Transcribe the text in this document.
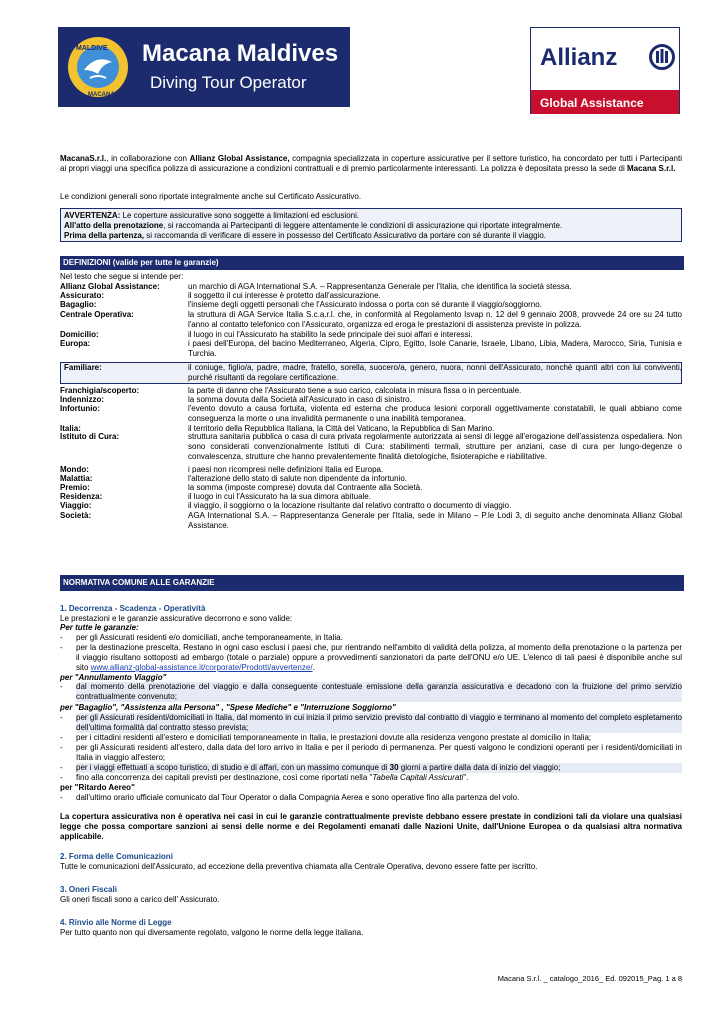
MALDIVE
MACANA
Macana Maldives
Diving Tour Operator
Allianz
Global Assistance
MacanaS.r.l., in collaborazione con Allianz Global Assistance, compagnia specializzata in coperture assicurative per il settore turistico, ha concordato per tutti i Partecipanti ai propri viaggi una specifica polizza di assicurazione a condizioni contrattuali e di premio particolarmente interessanti. La polizza è depositata presso la sede di Macana S.r.l.
Le condizioni generali sono riportate integralmente anche sul Certificato Assicurativo.
AVVERTENZA: Le coperture assicurative sono soggette a limitazioni ed esclusioni.
All'atto della prenotazione, si raccomanda ai Partecipanti di leggere attentamente le condizioni di assicurazione qui riportate integralmente.
Prima della partenza, si raccomanda di verificare di essere in possesso del Certificato Assicurativo da portare con sé durante il viaggio.
DEFINIZIONI (valide per tutte le garanzie)
Nel testo che segue si intende per:
Allianz Global Assistance:	un marchio di AGA International S.A. – Rappresentanza Generale per l'Italia, che identifica la società stessa.
Assicurato:	il soggetto il cui interesse è protetto dall'assicurazione.
Bagaglio:	l'insieme degli oggetti personali che l'Assicurato indossa o porta con sé durante il viaggio/soggiorno.
Centrale Operativa:	la struttura di AGA Service Italia S.c.a.r.l. che, in conformità al Regolamento Isvap n. 12 del 9 gennaio 2008, provvede 24 ore su 24 tutto l'anno al contatto telefonico con l'Assicurato, organizza ed eroga le prestazioni di assistenza previste in polizza.
Domicilio:	il luogo in cui l'Assicurato ha stabilito la sede principale dei suoi affari e interessi.
Europa:	i paesi dell'Europa, del bacino Mediterraneo, Algeria, Cipro, Egitto, Isole Canarie, Israele, Libano, Libia, Madera, Marocco, Siria, Tunisia e Turchia.
Familiare:	il coniuge, figlio/a, padre, madre, fratello, sorella, suocero/a, genero, nuora, nonni dell'Assicurato, nonché quanti altri con lui conviventi, purché risultanti da regolare certificazione.
Franchigia/scoperto:	la parte di danno che l'Assicurato tiene a suo carico, calcolata in misura fissa o in percentuale.
Indennizzo:	la somma dovuta dalla Società all'Assicurato in caso di sinistro.
Infortunio:	l'evento dovuto a causa fortuita, violenta ed esterna che produca lesioni corporali oggettivamente constatabili, le quali abbiano come conseguenza la morte o una invalidità permanente o una inabilità temporanea.
Italia:	il territorio della Repubblica Italiana, la Città del Vaticano, la Repubblica di San Marino.
Istituto di Cura:	struttura sanitaria pubblica o casa di cura privata regolarmente autorizzata ai sensi di legge all'erogazione dell'assistenza ospedaliera. Non sono considerati convenzionalmente Istituti di Cura: stabilimenti termali, strutture per anziani, case di cura per lungo-degenze o convalescenza, strutture che hanno prevalentemente finalità dietologiche, fisioterapiche e riabilitative.
Mondo:	i paesi non ricompresi nelle definizioni Italia ed Europa.
Malattia:	l'alterazione dello stato di salute non dipendente da infortunio.
Premio:	la somma (imposte comprese) dovuta dal Contraente alla Società.
Residenza:	il luogo in cui l'Assicurato ha la sua dimora abituale.
Viaggio:	il viaggio, il soggiorno o la locazione risultante dal relativo contratto o documento di viaggio.
Società:	AGA International S.A. – Rappresentanza Generale per l'Italia, sede in Milano – P.le Lodi 3, di seguito anche denominata Allianz Global Assistance.
NORMATIVA COMUNE ALLE GARANZIE
1. Decorrenza - Scadenza - Operatività
Le prestazioni e le garanzie assicurative decorrono e sono valide:
Per tutte le garanzie:
-	per gli Assicurati residenti e/o domiciliati, anche temporaneamente, in Italia.
-	per la destinazione prescelta. Restano in ogni caso esclusi i paesi che, pur rientrando nell'ambito di validità della polizza, al momento della prenotazione o la partenza per il viaggio risultano sottoposti ad embargo (totale o parziale) oppure a provvedimenti sanzionatori da parte dell'ONU e/o UE. L'elenco di tali paesi è disponibile anche sul sito www.allianz-global-assistance.it/corporate/Prodotti/avvertenze/.
per "Annullamento Viaggio"
-	dal momento della prenotazione del viaggio e dalla conseguente contestuale emissione della garanzia assicurativa e decadono con la fruizione del primo servizio contrattualmente convenuto;
per "Bagaglio", "Assistenza alla Persona" , "Spese Mediche" e "Interruzione Soggiorno"
-	per gli Assicurati residenti/domiciliati in Italia, dal momento in cui inizia il primo servizio previsto dal contratto di viaggio e terminano al momento del completo espletamento dell'ultima formalità dal contratto stesso prevista;
-	per i cittadini residenti all'estero e domiciliati temporaneamente in Italia, le prestazioni dovute alla residenza vengono prestate al domicilio in Italia;
-	per gli Assicurati residenti all'estero, dalla data del loro arrivo in Italia e per il periodo di permanenza. Per questi valgono le condizioni operanti per i residenti/domiciliati in Italia in viaggio all'estero;
-	per i viaggi effettuati a scopo turistico, di studio e di affari, con un massimo comunque di 30 giorni a partire dalla data di inizio del viaggio;
-	fino alla concorrenza dei capitali previsti per destinazione, così come riportati nella "Tabella Capitali Assicurati".
per "Ritardo Aereo"
-	dall'ultimo orario ufficiale comunicato dal Tour Operator o dalla Compagnia Aerea e sono operative fino alla partenza del volo.
La copertura assicurativa non è operativa nei casi in cui le garanzie contrattualmente previste debbano essere prestate in condizioni tali da violare una qualsiasi legge che possa comportare sanzioni ai sensi delle norme e dei Regolamenti emanati dalle Nazioni Unite, dall'Unione Europea o da qualsiasi altra normativa applicabile.
2. Forma delle Comunicazioni
Tutte le comunicazioni dell'Assicurato, ad eccezione della preventiva chiamata alla Centrale Operativa, devono essere fatte per iscritto.
3. Oneri Fiscali
Gli oneri fiscali sono a carico dell' Assicurato.
4. Rinvio alle Norme di Legge
Per tutto quanto non qui diversamente regolato, valgono le norme della legge italiana.
Macana S.r.l. _ catalogo_2016_ Ed. 092015_Pag. 1 a 8
